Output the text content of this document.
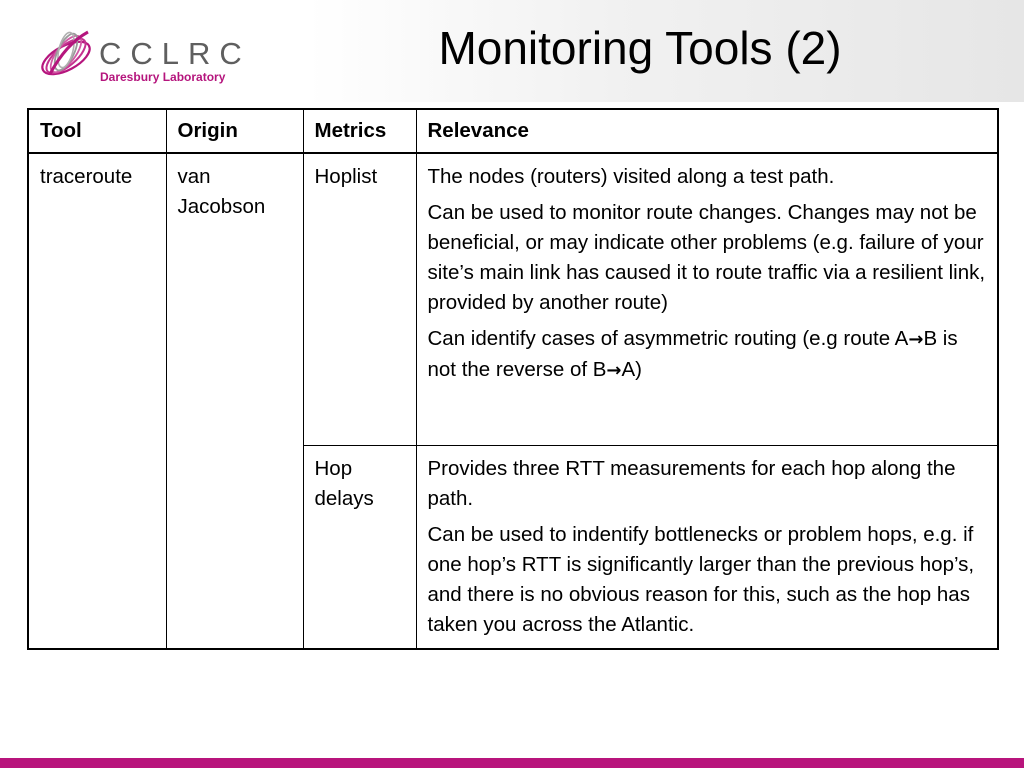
CCLRC
Daresbury Laboratory
Monitoring Tools (2)
Tool	Origin	Metrics	Relevance
traceroute	van Jacobson	Hoplist	The nodes (routers) visited along a test path.
Can be used to monitor route changes. Changes may not be beneficial, or may indicate other problems (e.g. failure of your site’s main link has caused it to route traffic via a resilient link, provided by another route)
Can identify cases of asymmetric routing (e.g route A→B is not the reverse of B→A)

		Hop delays	Provides three RTT measurements for each hop along the path.
Can be used to indentify bottlenecks or problem hops, e.g. if one hop’s RTT is significantly larger than the previous hop’s, and there is no obvious reason for this, such as the hop has taken you across the Atlantic.
